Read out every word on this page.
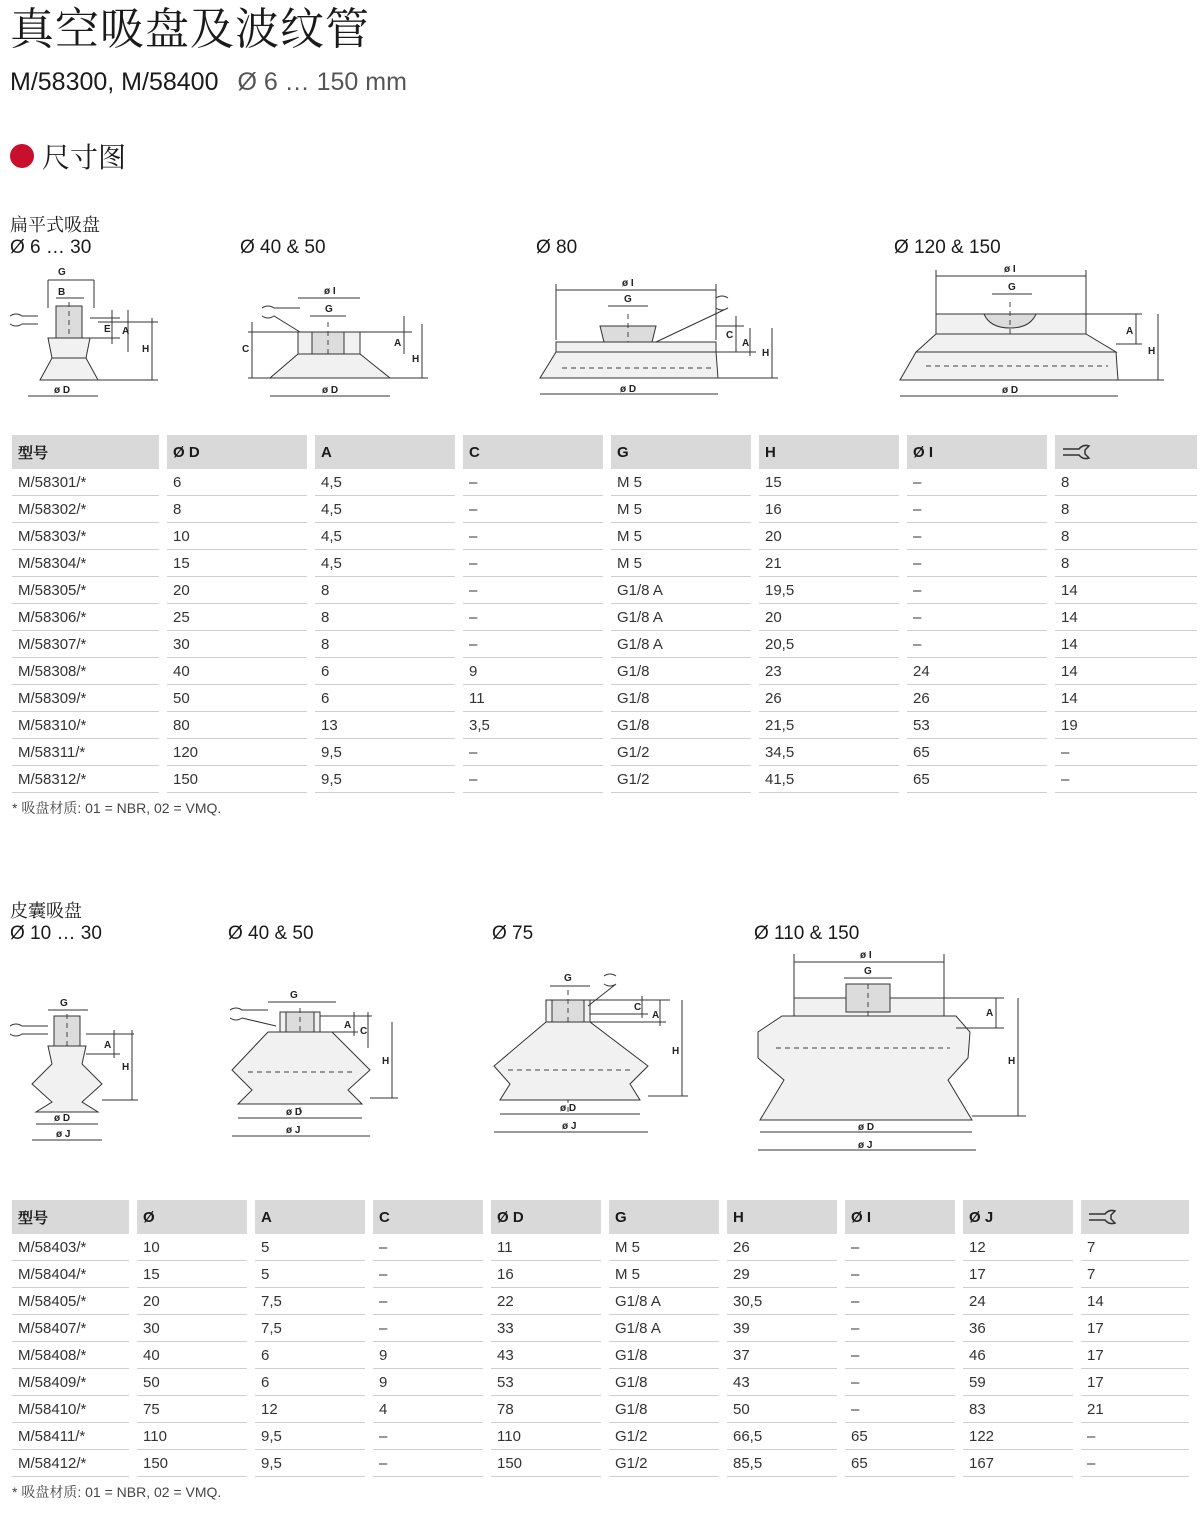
真空吸盘及波纹管
M/58300, M/58400 Ø 6 … 150 mm
尺寸图
扁平式吸盘
Ø 6 … 30	Ø 40 & 50	Ø 80	Ø 120 & 150
G
B
ø D
E A
H
ø I
G
ø D
C
A
H
ø I
G
ø D
C
A
H
ø I
G
ø D
A
H
型号		Ø D		A		C		G		H		Ø I		
M/58301/*		6		4,5		–		M 5		15		–		8
M/58302/*		8		4,5		–		M 5		16		–		8
M/58303/*		10		4,5		–		M 5		20		–		8
M/58304/*		15		4,5		–		M 5		21		–		8
M/58305/*		20		8		–		G1/8 A		19,5		–		14
M/58306/*		25		8		–		G1/8 A		20		–		14
M/58307/*		30		8		–		G1/8 A		20,5		–		14
M/58308/*		40		6		9		G1/8		23		24		14
M/58309/*		50		6		11		G1/8		26		26		14
M/58310/*		80		13		3,5		G1/8		21,5		53		19
M/58311/*		120		9,5		–		G1/2		34,5		65		–
M/58312/*		150		9,5		–		G1/2		41,5		65		–
* 吸盘材质: 01 = NBR, 02 = VMQ.
皮囊吸盘
Ø 10 … 30	Ø 40 & 50	Ø 75	Ø 110 & 150
G
ø D
ø J
A
H
G
ø D
ø J
A
C
H
G
ø D
ø J
C
A
H
ø I
G
ø D
ø J
A
H
型号		Ø		A		C		Ø D		G		H		Ø I		Ø J		
M/58403/*		10		5		–		11		M 5		26		–		12		7
M/58404/*		15		5		–		16		M 5		29		–		17		7
M/58405/*		20		7,5		–		22		G1/8 A		30,5		–		24		14
M/58407/*		30		7,5		–		33		G1/8 A		39		–		36		17
M/58408/*		40		6		9		43		G1/8		37		–		46		17
M/58409/*		50		6		9		53		G1/8		43		–		59		17
M/58410/*		75		12		4		78		G1/8		50		–		83		21
M/58411/*		110		9,5		–		110		G1/2		66,5		65		122		–
M/58412/*		150		9,5		–		150		G1/2		85,5		65		167		–
* 吸盘材质: 01 = NBR, 02 = VMQ.
